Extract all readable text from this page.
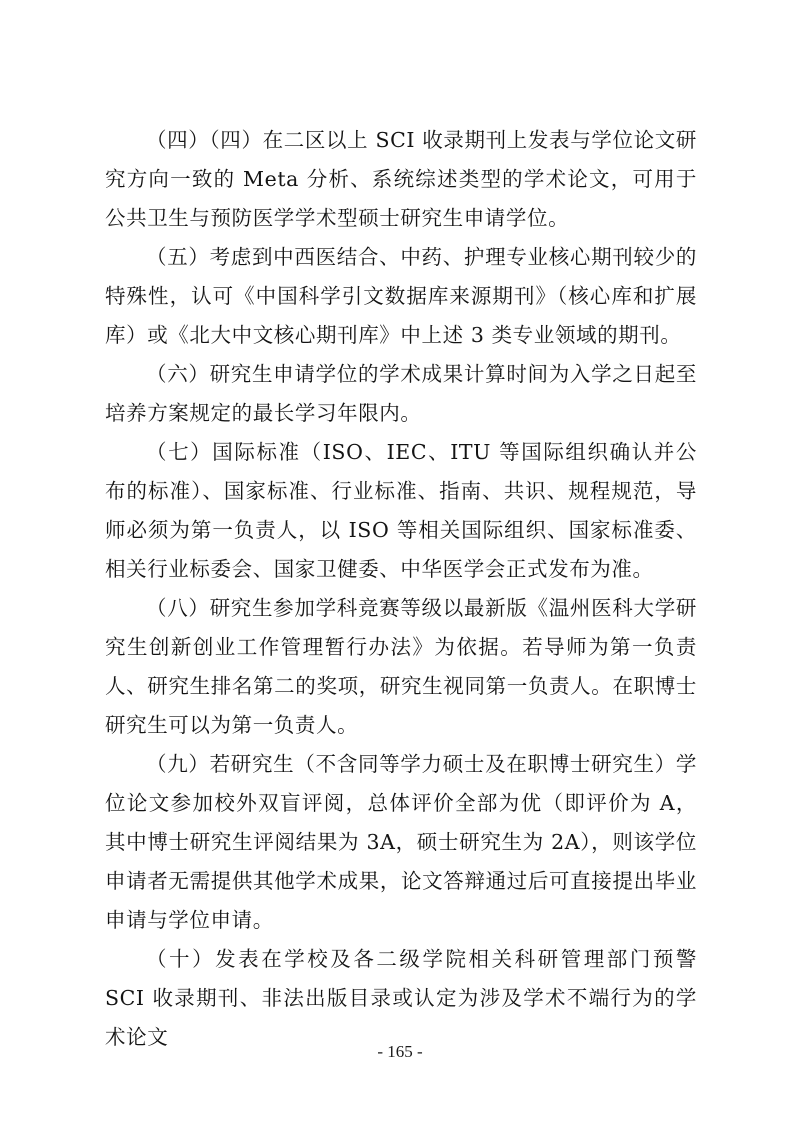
（四）（四）在二区以上 SCI 收录期刊上发表与学位论文研究方向一致的 Meta 分析、系统综述类型的学术论文，可用于公共卫生与预防医学学术型硕士研究生申请学位。

（五）考虑到中西医结合、中药、护理专业核心期刊较少的特殊性，认可《中国科学引文数据库来源期刊》（核心库和扩展库）或《北大中文核心期刊库》中上述 3 类专业领域的期刊。

（六）研究生申请学位的学术成果计算时间为入学之日起至培养方案规定的最长学习年限内。

（七）国际标准（ISO、IEC、ITU 等国际组织确认并公布的标准）、国家标准、行业标准、指南、共识、规程规范，导师必须为第一负责人，以 ISO 等相关国际组织、国家标准委、相关行业标委会、国家卫健委、中华医学会正式发布为准。

（八）研究生参加学科竞赛等级以最新版《温州医科大学研究生创新创业工作管理暂行办法》为依据。若导师为第一负责人、研究生排名第二的奖项，研究生视同第一负责人。在职博士研究生可以为第一负责人。

（九）若研究生（不含同等学力硕士及在职博士研究生）学位论文参加校外双盲评阅，总体评价全部为优（即评价为 A，其中博士研究生评阅结果为 3A，硕士研究生为 2A），则该学位申请者无需提供其他学术成果，论文答辩通过后可直接提出毕业申请与学位申请。

（十）发表在学校及各二级学院相关科研管理部门预警 SCI 收录期刊、非法出版目录或认定为涉及学术不端行为的学术论文

- 165 -
